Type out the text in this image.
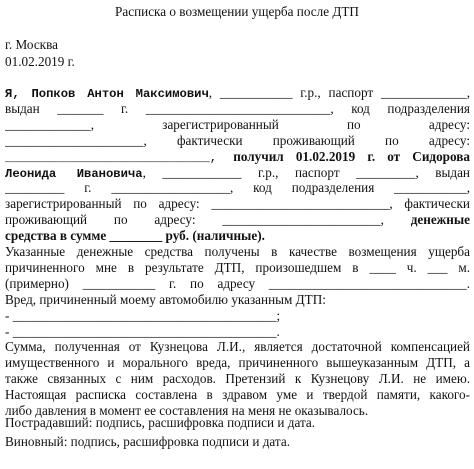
Расписка о возмещении ущерба после ДТП
г. Москва
01.02.2019 г.
Я, Попков Антон Максимович, ___________ г.р., паспорт _____________,
выдан _______ г. ____________________________, код подразделения
_____________, зарегистрированный по адресу:
_____________________, фактически проживающий по адресу:
____________________________, получил 01.02.2019 г. от Сидорова
Леонида Ивановича, ____________ г.р., паспорт _________, выдан
_________ г. __________________, код подразделения ___________,
зарегистрированный по адресу: ___________________________, фактически
проживающий по адресу: ________________________, денежные
средства в сумме ________ руб. (наличные).
Указанные денежные средства получены в качестве возмещения ущерба
причиненного мне в результате ДТП, произошедшем в ____ ч. ___ м.
(примерно) ___________ г. по адресу ______________________________.
Вред, причиненный моему автомобилю указанным ДТП:
- ________________________________________;
- ________________________________________.
Сумма, полученная от Кузнецова Л.И., является достаточной компенсацией
имущественного и морального вреда, причиненного вышеуказанным ДТП, а
также связанных с ним расходов. Претензий к Кузнецову Л.И. не имею.
Настоящая расписка составлена в здравом уме и твердой памяти, какого-
либо давления в момент ее составления на меня не оказывалось.
Пострадавший: подпись, расшифровка подписи и дата.
Виновный: подпись, расшифровка подписи и дата.
